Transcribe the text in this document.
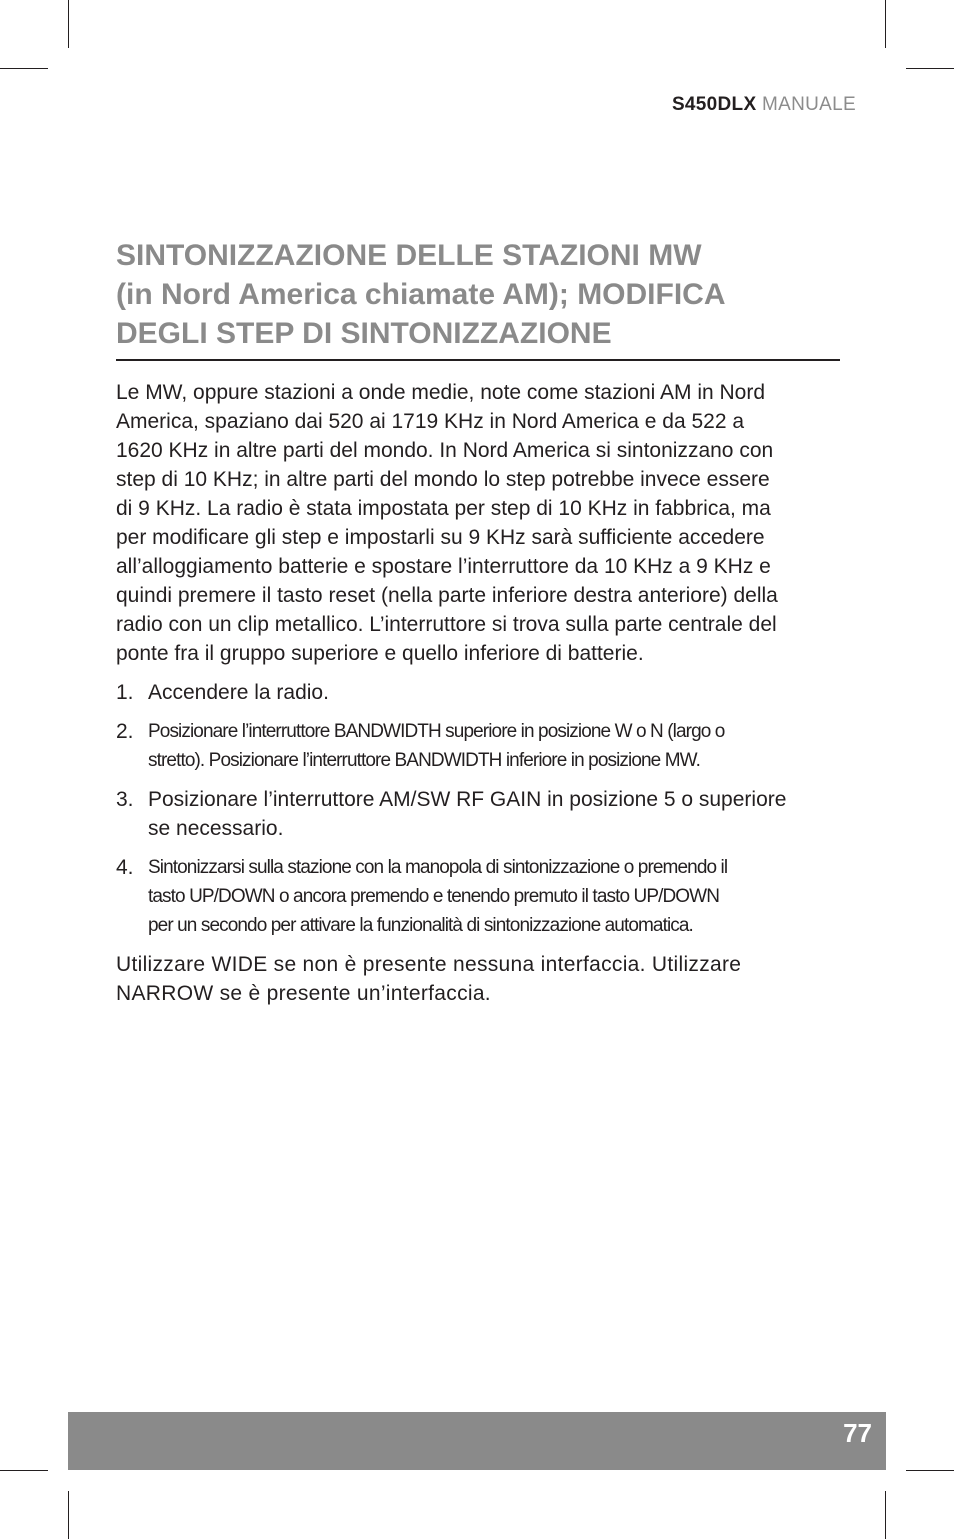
S450DLX MANUALE
SINTONIZZAZIONE DELLE STAZIONI MW
(in Nord America chiamate AM); MODIFICA
DEGLI STEP DI SINTONIZZAZIONE

Le MW, oppure stazioni a onde medie, note come stazioni AM in Nord
America, spaziano dai 520 ai 1719 KHz in Nord America e da 522 a
1620 KHz in altre parti del mondo. In Nord America si sintonizzano con
step di 10 KHz; in altre parti del mondo lo step potrebbe invece essere
di 9 KHz. La radio è stata impostata per step di 10 KHz in fabbrica, ma
per modificare gli step e impostarli su 9 KHz sarà sufficiente accedere
all’alloggiamento batterie e spostare l’interruttore da 10 KHz a 9 KHz e
quindi premere il tasto reset (nella parte inferiore destra anteriore) della
radio con un clip metallico. L’interruttore si trova sulla parte centrale del
ponte fra il gruppo superiore e quello inferiore di batterie.

1. Accendere la radio.
2. Posizionare l’interruttore BANDWIDTH superiore in posizione W o N (largo o
stretto). Posizionare l’interruttore BANDWIDTH inferiore in posizione MW.
3. Posizionare l’interruttore AM/SW RF GAIN in posizione 5 o superiore
se necessario.
4. Sintonizzarsi sulla stazione con la manopola di sintonizzazione o premendo il
tasto UP/DOWN o ancora premendo e tenendo premuto il tasto UP/DOWN
per un secondo per attivare la funzionalità di sintonizzazione automatica.

Utilizzare WIDE se non è presente nessuna interfaccia. Utilizzare
NARROW se è presente un’interfaccia.

77
